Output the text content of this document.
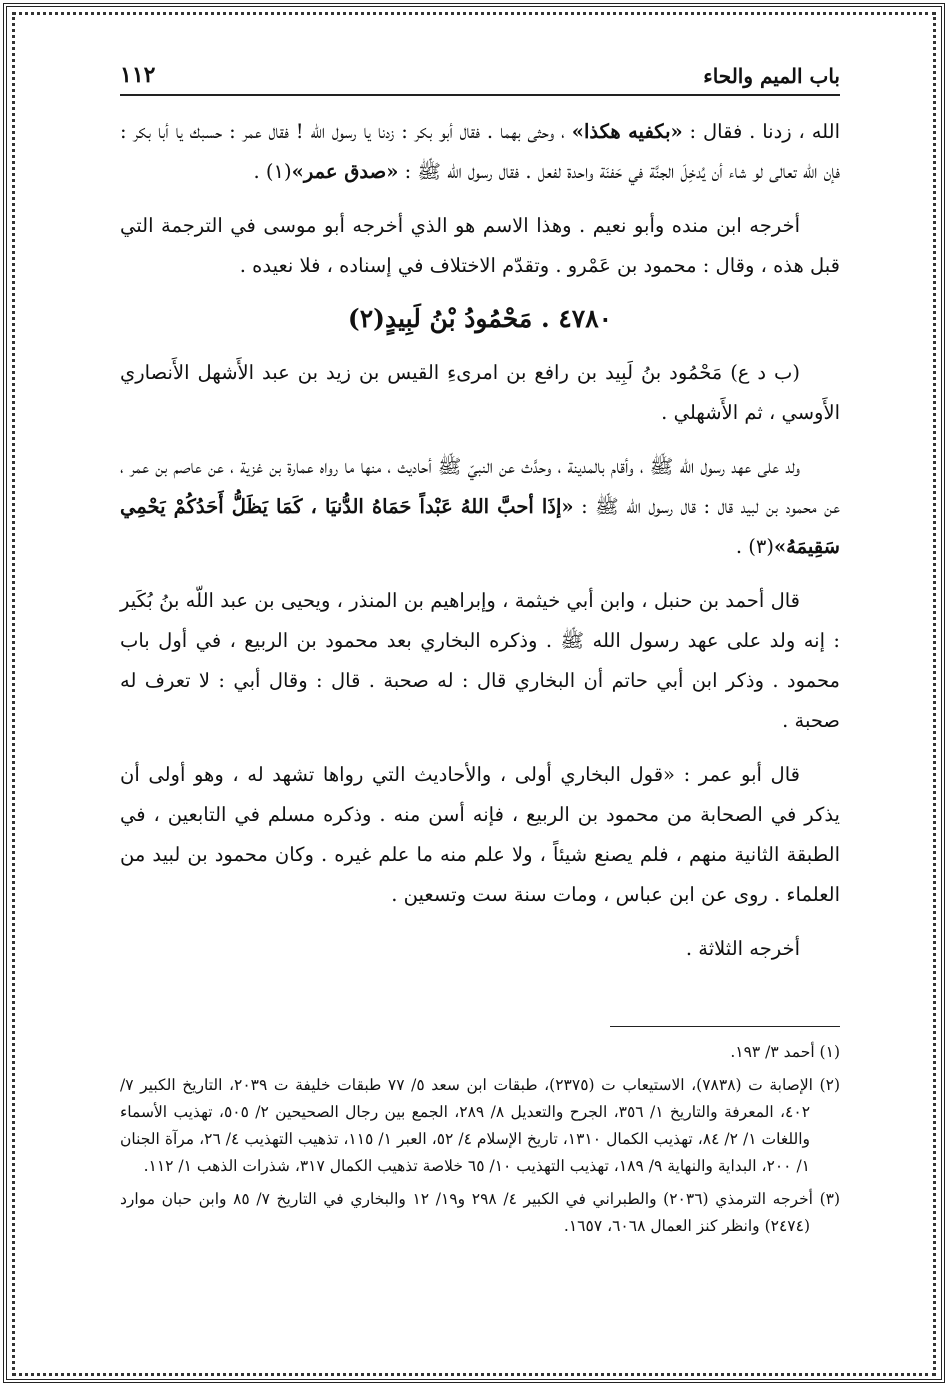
باب الميم والحاء
١١٢

الله ، زدنا . فقال : «بكفيه هكذا» ، وحثى بهما . فقال أبو بكر : زدنا يا رسول الله ! فقال عمر : حسبك يا أبا بكر : فإن الله تعالى لو شاء أن يُدخِلَ الجنَّة في حَفنَة واحدة لفعل . فقال رسول الله ﷺ : «صدق عمر»(١) .

أخرجه ابن منده وأبو نعيم . وهذا الاسم هو الذي أخرجه أبو موسى في الترجمة التي قبل هذه ، وقال : محمود بن عَمْرو . وتقدّم الاختلاف في إسناده ، فلا نعيده .

٤٧٨٠ . مَحْمُودُ بْنُ لَبِيدٍ(٢)

(ب د ع) مَحْمُود بنُ لَبِيد بن رافع بن امرىءِ القيس بن زيد بن عبد الأَشهل الأَنصاري الأَوسي ، ثم الأَشهلي .

ولد على عهد رسول الله ﷺ ، وأقام بالمدينة ، وحدَّث عن النبيّ ﷺ أحاديث ، منها ما رواه عمارة بن غزية ، عن عاصم بن عمر ، عن محمود بن لبيد قال : قال رسول الله ﷺ : «إذَا أحبَّ اللهُ عَبْداً حَمَاهُ الدُّنيَا ، كَمَا يَظَلُّ أَحَدُكُمْ يَحْمِي سَقِيمَهُ»(٣) .

قال أحمد بن حنبل ، وابن أبي خيثمة ، وإبراهيم بن المنذر ، ويحيى بن عبد اللّه بنُ بُكَير : إنه ولد على عهد رسول الله ﷺ . وذكره البخاري بعد محمود بن الربيع ، في أول باب محمود . وذكر ابن أبي حاتم أن البخاري قال : له صحبة . قال : وقال أبي : لا تعرف له صحبة .

قال أبو عمر : «قول البخاري أولى ، والأحاديث التي رواها تشهد له ، وهو أولى أن يذكر في الصحابة من محمود بن الربيع ، فإنه أسن منه . وذكره مسلم في التابعين ، في الطبقة الثانية منهم ، فلم يصنع شيئاً ، ولا علم منه ما علم غيره . وكان محمود بن لبيد من العلماء . روى عن ابن عباس ، ومات سنة ست وتسعين .

أخرجه الثلاثة .

(١) أحمد ٣/ ١٩٣.

(٢) الإصابة ت (٧٨٣٨)، الاستيعاب ت (٢٣٧٥)، طبقات ابن سعد ٥/ ٧٧ طبقات خليفة ت ٢٠٣٩، التاريخ الكبير ٧/ ٤٠٢، المعرفة والتاريخ ١/ ٣٥٦، الجرح والتعديل ٨/ ٢٨٩، الجمع بين رجال الصحيحين ٢/ ٥٠٥، تهذيب الأسماء واللغات ١/ ٢/ ٨٤، تهذيب الكمال ١٣١٠، تاريخ الإسلام ٤/ ٥٢، العبر ١/ ١١٥، تذهيب التهذيب ٤/ ٢٦، مرآة الجنان ١/ ٢٠٠، البداية والنهاية ٩/ ١٨٩، تهذيب التهذيب ١٠/ ٦٥ خلاصة تذهيب الكمال ٣١٧، شذرات الذهب ١/ ١١٢.

(٣) أخرجه الترمذي (٢٠٣٦) والطبراني في الكبير ٤/ ٢٩٨ و١٩/ ١٢ والبخاري في التاريخ ٧/ ٨٥ وابن حبان موارد (٢٤٧٤) وانظر كنز العمال ٦٠٦٨، ١٦٥٧.
